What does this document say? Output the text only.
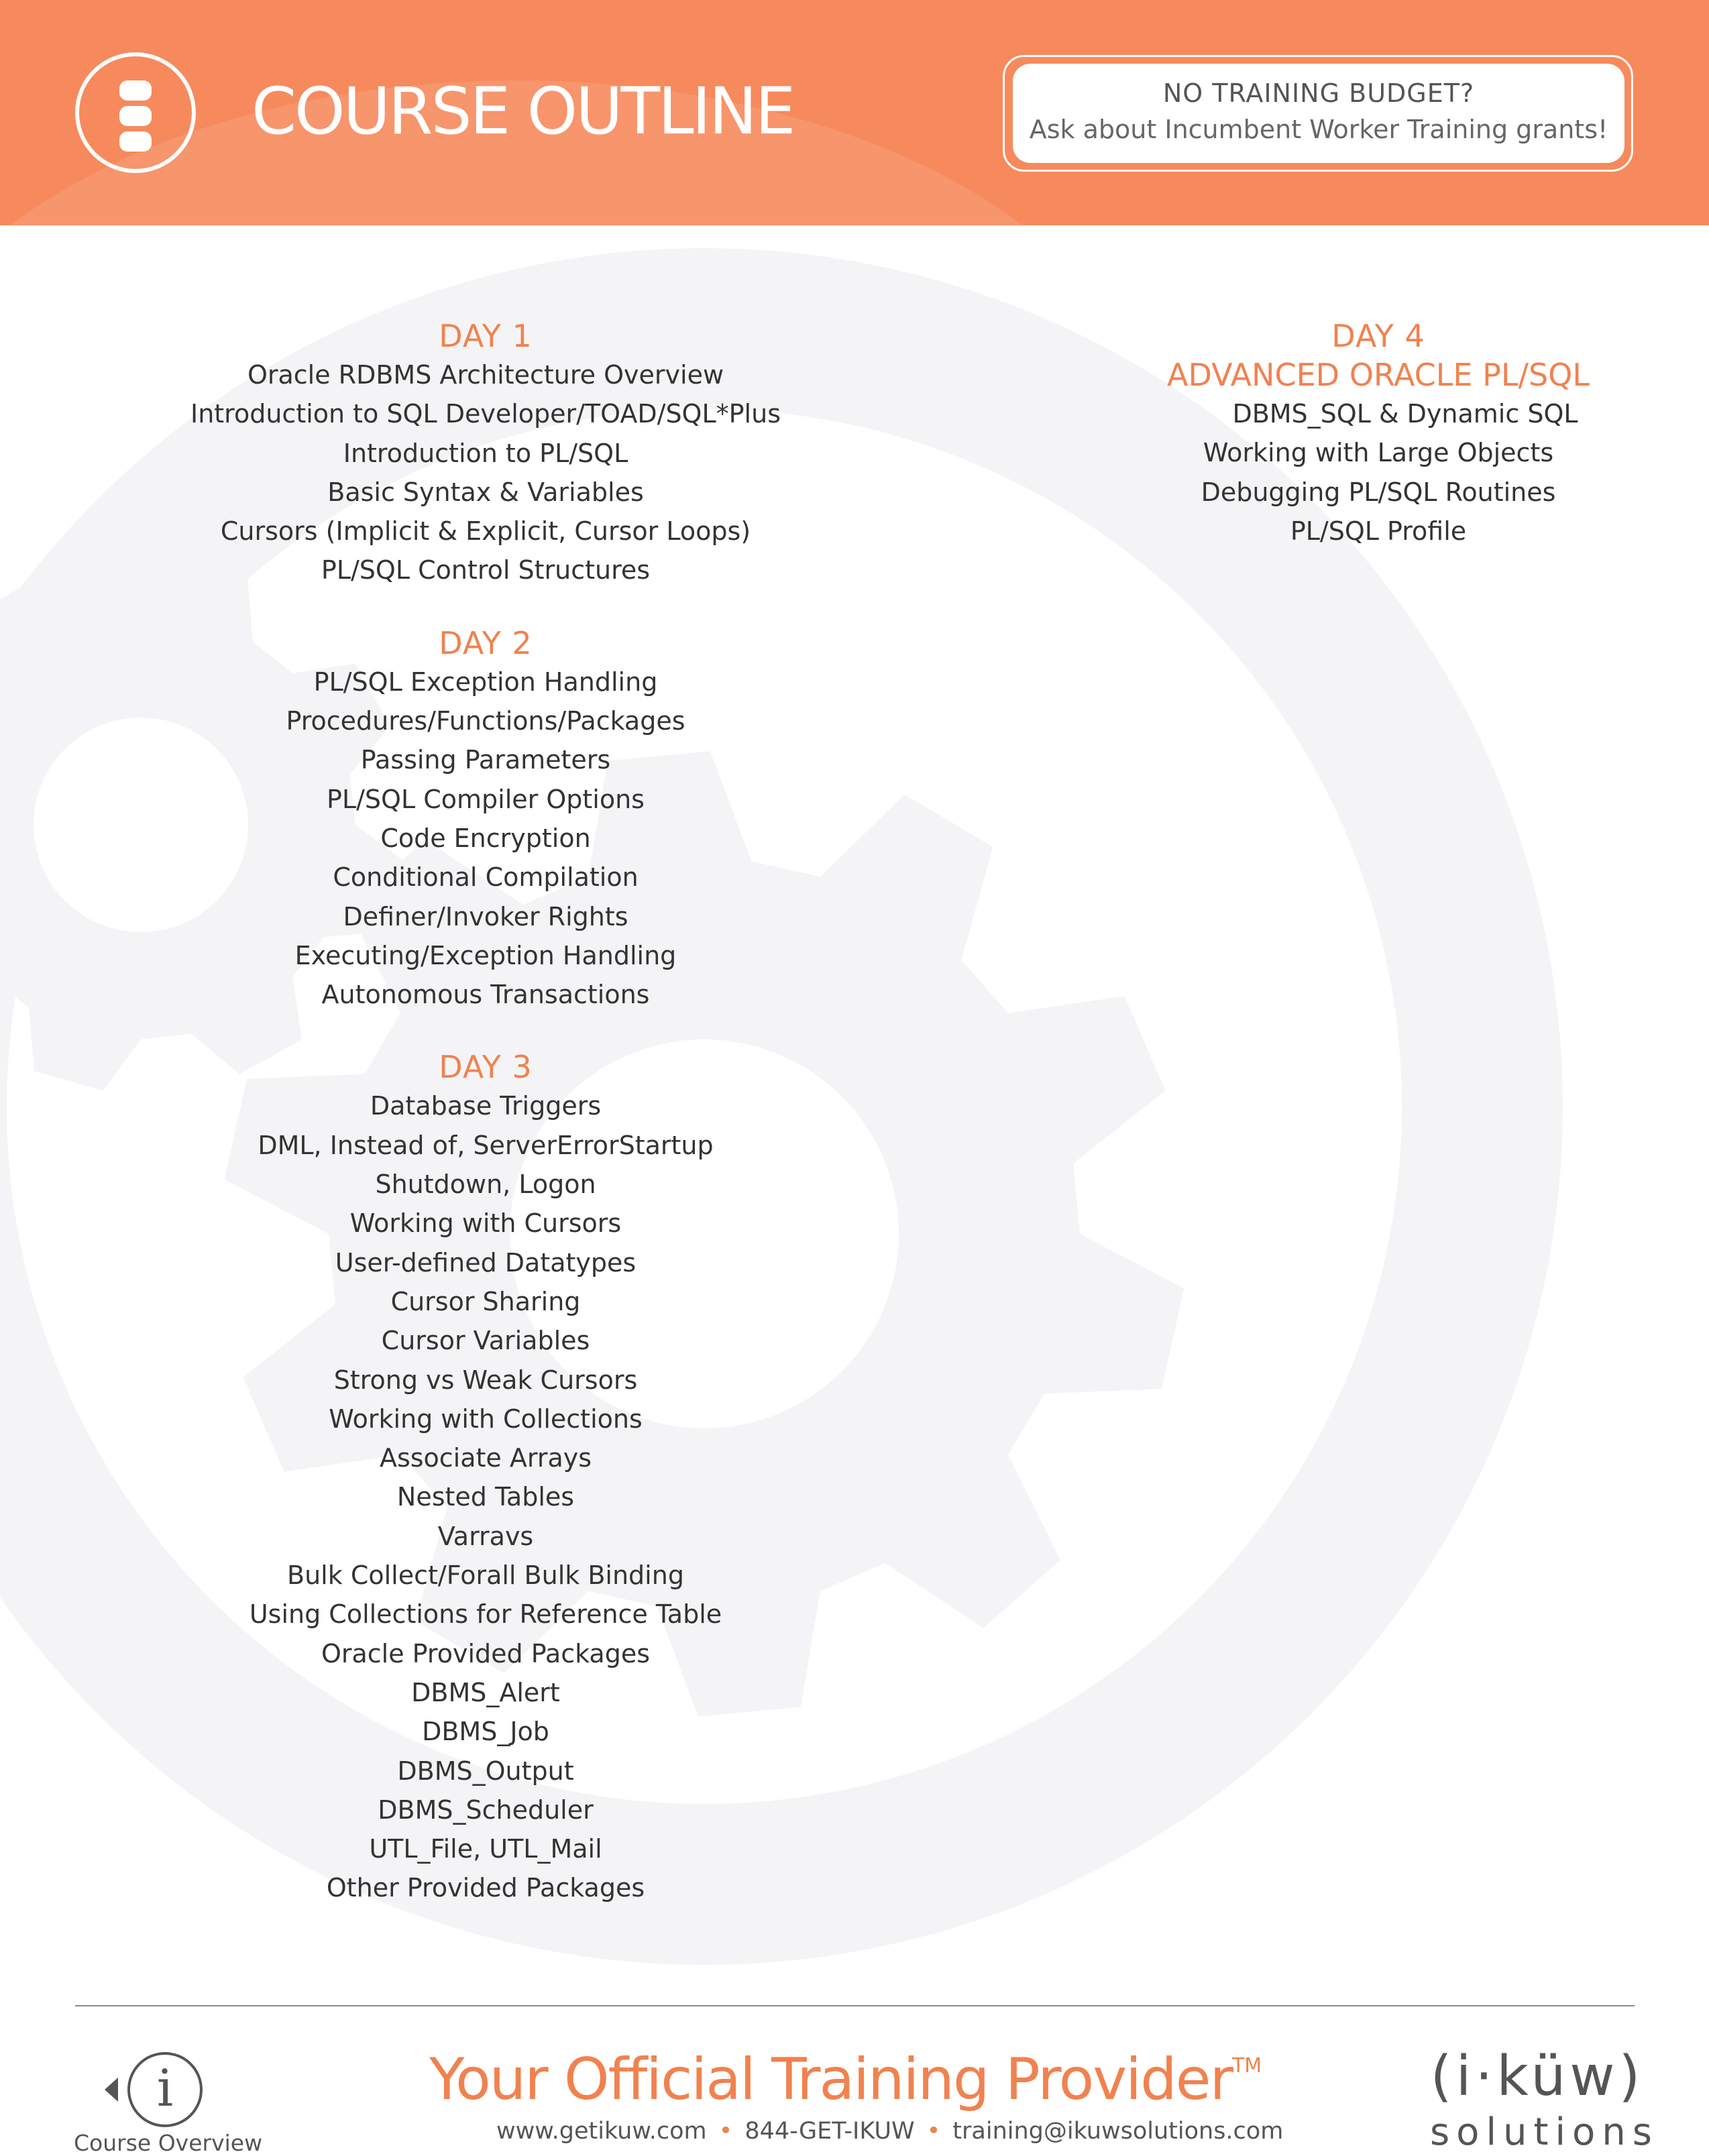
COURSE OUTLINE	NO TRAINING BUDGET?
Ask about Incumbent Worker Training grants!
DAY 1
Oracle RDBMS Architecture Overview
Introduction to SQL Developer/TOAD/SQL*Plus
Introduction to PL/SQL
Basic Syntax & Variables
Cursors (Implicit & Explicit, Cursor Loops)
PL/SQL Control Structures
DAY 2
PL/SQL Exception Handling
Procedures/Functions/Packages
Passing Parameters
PL/SQL Compiler Options
Code Encryption
Conditional Compilation
Definer/Invoker Rights
Executing/Exception Handling
Autonomous Transactions
DAY 3
Database Triggers
DML, Instead of, ServerErrorStartup
Shutdown, Logon
Working with Cursors
User-defined Datatypes
Cursor Sharing
Cursor Variables
Strong vs Weak Cursors
Working with Collections
Associate Arrays
Nested Tables
Varravs
Bulk Collect/Forall Bulk Binding
Using Collections for Reference Table
Oracle Provided Packages
DBMS_Alert
DBMS_Job
DBMS_Output
DBMS_Scheduler
UTL_File, UTL_Mail
Other Provided Packages
DAY 4
ADVANCED ORACLE PL/SQL
DBMS_SQL & Dynamic SQL
Working with Large Objects
Debugging PL/SQL Routines
PL/SQL Profile
i
Course Overview
Your Official Training Provider™
www.getikuw.com • 844-GET-IKUW • training@ikuwsolutions.com
(i·küw)
solutions
